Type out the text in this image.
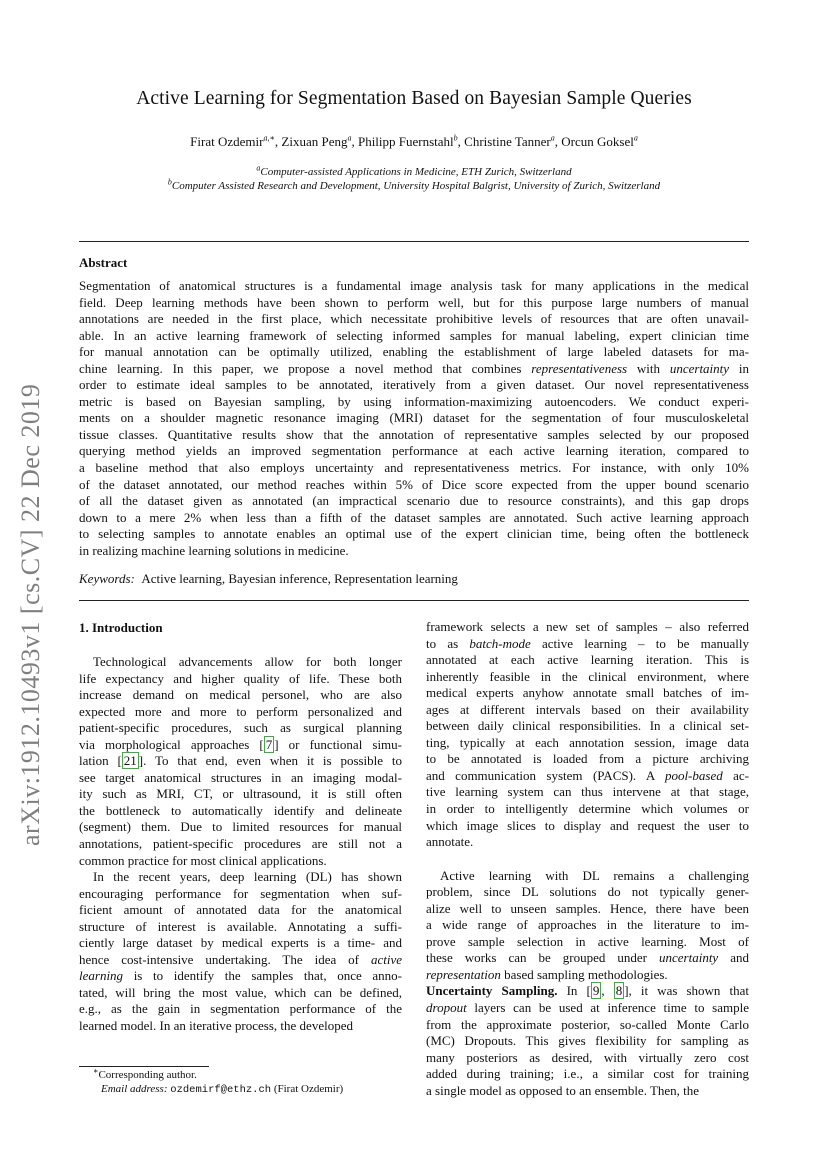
arXiv:1912.10493v1 [cs.CV] 22 Dec 2019
Active Learning for Segmentation Based on Bayesian Sample Queries
Firat Ozdemir$^{a,∗}$, Zixuan Peng$^a$, Philipp Fuernstahl$^b$, Christine Tanner$^a$, Orcun Goksel$^a$
$^a$Computer-assisted Applications in Medicine, ETH Zurich, Switzerland
$^b$Computer Assisted Research and Development, University Hospital Balgrist, University of Zurich, Switzerland
Abstract
Segmentation of anatomical structures is a fundamental image analysis task for many applications in the medical
field. Deep learning methods have been shown to perform well, but for this purpose large numbers of manual
annotations are needed in the first place, which necessitate prohibitive levels of resources that are often unavail-
able. In an active learning framework of selecting informed samples for manual labeling, expert clinician time
for manual annotation can be optimally utilized, enabling the establishment of large labeled datasets for ma-
chine learning. In this paper, we propose a novel method that combines representativeness with uncertainty in
order to estimate ideal samples to be annotated, iteratively from a given dataset. Our novel representativeness
metric is based on Bayesian sampling, by using information-maximizing autoencoders. We conduct experi-
ments on a shoulder magnetic resonance imaging (MRI) dataset for the segmentation of four musculoskeletal
tissue classes. Quantitative results show that the annotation of representative samples selected by our proposed
querying method yields an improved segmentation performance at each active learning iteration, compared to
a baseline method that also employs uncertainty and representativeness metrics. For instance, with only 10%
of the dataset annotated, our method reaches within 5% of Dice score expected from the upper bound scenario
of all the dataset given as annotated (an impractical scenario due to resource constraints), and this gap drops
down to a mere 2% when less than a fifth of the dataset samples are annotated. Such active learning approach
to selecting samples to annotate enables an optimal use of the expert clinician time, being often the bottleneck
in realizing machine learning solutions in medicine.
Keywords: Active learning, Bayesian inference, Representation learning
1. Introduction
Technological advancements allow for both longer
life expectancy and higher quality of life. These both
increase demand on medical personel, who are also
expected more and more to perform personalized and
patient-specific procedures, such as surgical planning
via morphological approaches [ 7 ] or functional simu-
lation [ 21 ]. To that end, even when it is possible to
see target anatomical structures in an imaging modal-
ity such as MRI, CT, or ultrasound, it is still often
the bottleneck to automatically identify and delineate
(segment) them. Due to limited resources for manual
annotations, patient-specific procedures are still not a
common practice for most clinical applications.
In the recent years, deep learning (DL) has shown
encouraging performance for segmentation when suf-
ficient amount of annotated data for the anatomical
structure of interest is available. Annotating a suffi-
ciently large dataset by medical experts is a time- and
hence cost-intensive undertaking. The idea of active
learning is to identify the samples that, once anno-
tated, will bring the most value, which can be defined,
e.g., as the gain in segmentation performance of the
learned model. In an iterative process, the developed
framework selects a new set of samples – also referred
to as batch-mode active learning – to be manually
annotated at each active learning iteration. This is
inherently feasible in the clinical environment, where
medical experts anyhow annotate small batches of im-
ages at different intervals based on their availability
between daily clinical responsibilities. In a clinical set-
ting, typically at each annotation session, image data
to be annotated is loaded from a picture archiving
and communication system (PACS). A pool-based ac-
tive learning system can thus intervene at that stage,
in order to intelligently determine which volumes or
which image slices to display and request the user to
annotate.
Active learning with DL remains a challenging
problem, since DL solutions do not typically gener-
alize well to unseen samples. Hence, there have been
a wide range of approaches in the literature to im-
prove sample selection in active learning. Most of
these works can be grouped under uncertainty and
representation based sampling methodologies.
Uncertainty Sampling. In [ 9 , 8 ], it was shown that
dropout layers can be used at inference time to sample
from the approximate posterior, so-called Monte Carlo
(MC) Dropouts. This gives flexibility for sampling as
many posteriors as desired, with virtually zero cost
added during training; i.e., a similar cost for training
a single model as opposed to an ensemble. Then, the
∗Corresponding author.
Email address: ozdemirf@ethz.ch (Firat Ozdemir)
